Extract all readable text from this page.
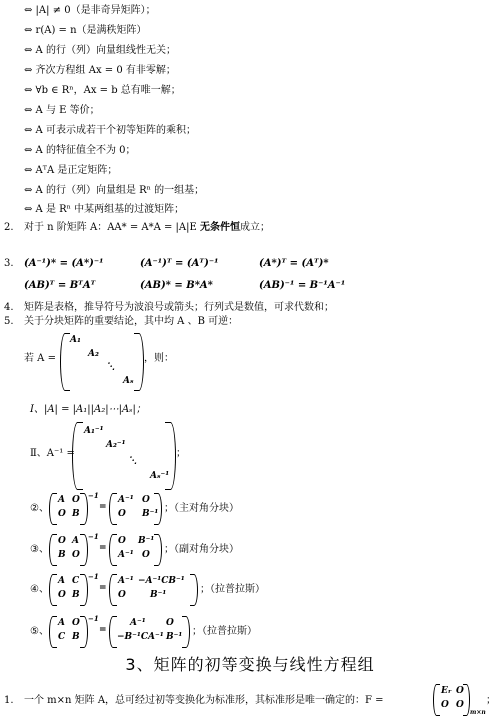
⇔ |A| ≠ 0（是非奇异矩阵）；
⇔ r(A) = n（是满秩矩阵）
⇔ A 的行（列）向量组线性无关；
⇔ 齐次方程组 Ax = 0 有非零解；
⇔ ∀b ∈ Rⁿ，Ax = b 总有唯一解；
⇔ A 与 E 等价；
⇔ A 可表示成若干个初等矩阵的乘积；
⇔ A 的特征值全不为 0；
⇔ AᵀA 是正定矩阵；
⇔ A 的行（列）向量组是 Rⁿ 的一组基；
⇔ A 是 Rⁿ 中某两组基的过渡矩阵；
2. 对于 n 阶矩阵 A：AA* = A*A = |A|E 无条件恒成立；
3. (A⁻¹)* = (A*)⁻¹	(A⁻¹)ᵀ = (Aᵀ)⁻¹	(A*)ᵀ = (Aᵀ)*
(AB)ᵀ = BᵀAᵀ	(AB)* = B*A*	(AB)⁻¹ = B⁻¹A⁻¹
4. 矩阵是表格，推导符号为波浪号或箭头；行列式是数值，可求代数和；
5. 关于分块矩阵的重要结论，其中均 A 、B 可逆：
若 A =
A₁
A₂
⋱
Aₛ
，则：
Ⅰ、|A| = |A₁||A₂|⋯|Aₛ|；
Ⅱ、A⁻¹ =
A₁⁻¹
A₂⁻¹
⋱
Aₛ⁻¹
；
②、
A O
O B
−1
=
A⁻¹ O
O B⁻¹ ；（主对角分块）
③、
O A
B O
−1
=
O B⁻¹
A⁻¹ O ；（副对角分块）
④、
A C
O B
−1
=
A⁻¹ −A⁻¹CB⁻¹
O	B⁻¹	；（拉普拉斯）
⑤、
A O
C B
−1
=
A⁻¹ O
−B⁻¹CA⁻¹ B⁻¹ ；（拉普拉斯）
3、矩阵的初等变换与线性方程组
1. 一个 m×n 矩阵 A，总可经过初等变换化为标准形，其标准形是唯一确定的：F =
Eᵣ O
O O
m×n
；
